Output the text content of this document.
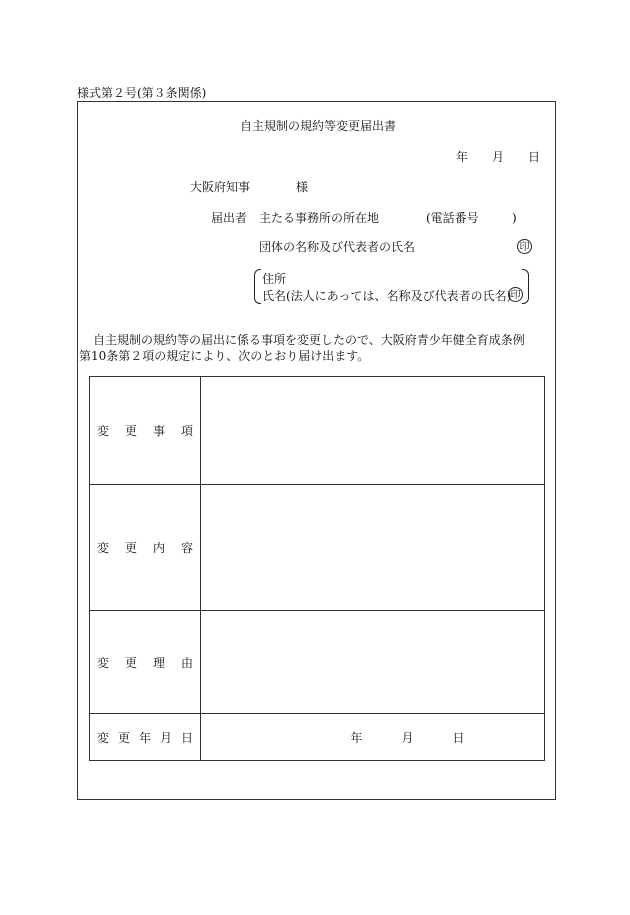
様式第２号(第３条関係)
自主規制の規約等変更届出書
年 月 日
大阪府知事	様
届出者 主たる事務所の所在地	(電話番号	)
団体の名称及び代表者の氏名	印
住所
氏名(法人にあっては、名称及び代表者の氏名) 印
自主規制の規約等の届出に係る事項を変更したので、大阪府青少年健全育成条例
第10条第２項の規定により、次のとおり届け出ます。
変 更 事 項	

変 更 内 容	

変 更 理 由	

変 更 年 月 日	年 月 日
